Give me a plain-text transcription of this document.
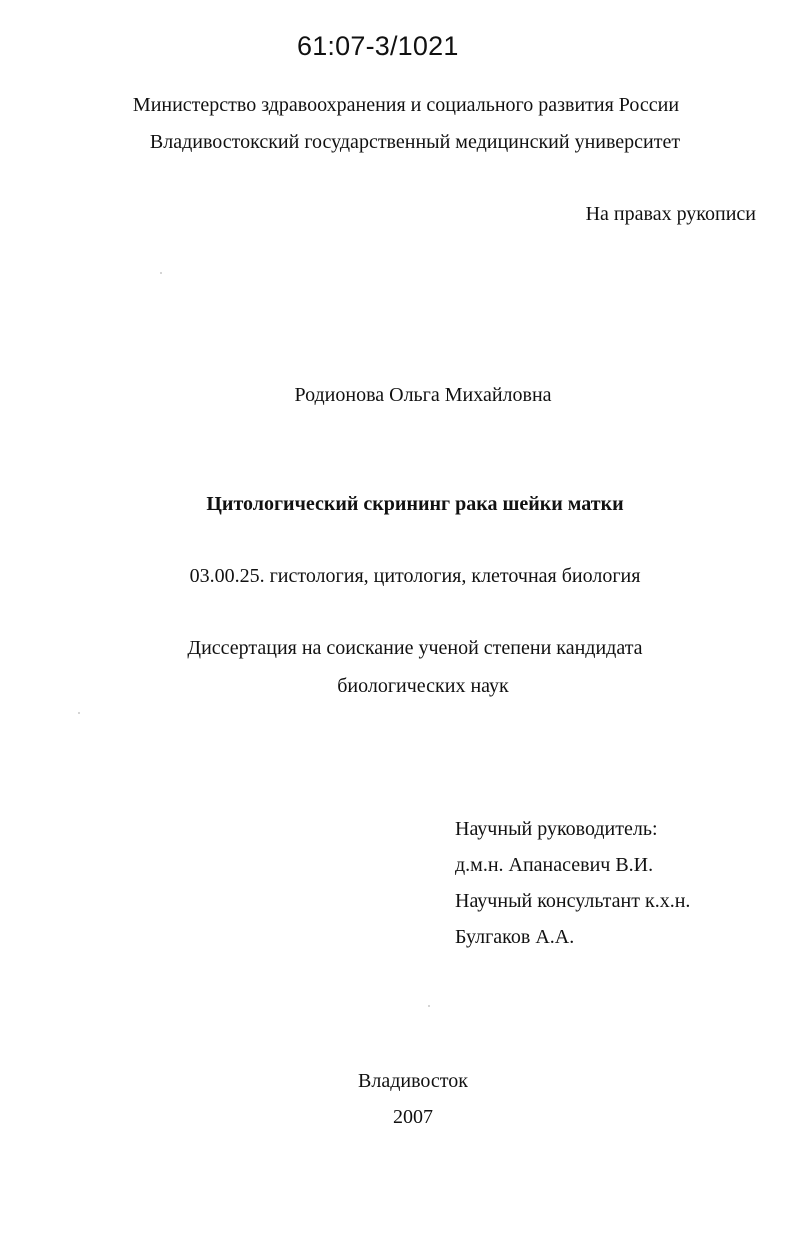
61:07-3/1021
Министерство здравоохранения и социального развития России
Владивостокский государственный медицинский университет
На правах рукописи
Родионова Ольга Михайловна
Цитологический скрининг рака шейки матки
03.00.25. гистология, цитология, клеточная биология
Диссертация на соискание ученой степени кандидата
биологических наук
Научный руководитель:
д.м.н. Апанасевич В.И.
Научный консультант к.х.н.
Булгаков А.А.
Владивосток
2007
